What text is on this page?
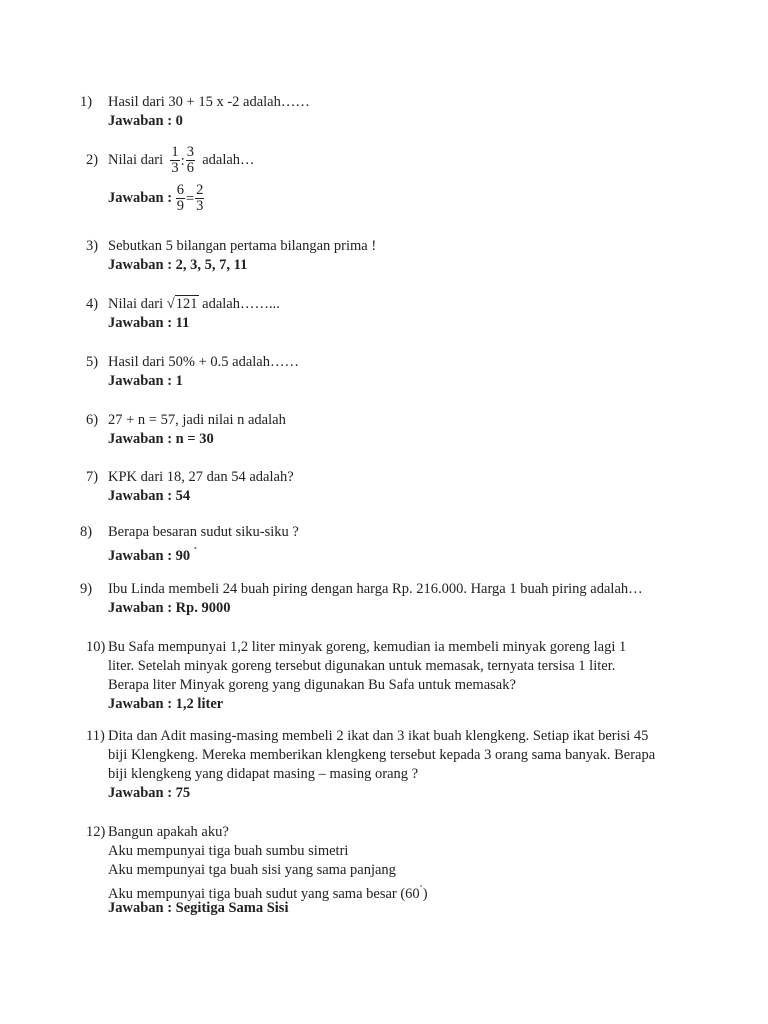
1) Hasil dari 30 + 15 x -2 adalah……
Jawaban : 0
2) Nilai dari $\frac{1}{3}$ : $\frac{3}{6}$ adalah…
Jawaban : $\frac{6}{9} = \frac{2}{3}$
3) Sebutkan 5 bilangan pertama bilangan prima !
Jawaban : 2, 3, 5, 7, 11
4) Nilai dari √121 adalah……...
Jawaban : 11
5) Hasil dari 50% + 0.5 adalah……
Jawaban : 1
6) 27 + n = 57, jadi nilai n adalah
Jawaban : n = 30
7) KPK dari 18, 27 dan 54 adalah?
Jawaban : 54
8) Berapa besaran sudut siku-siku ?
Jawaban : 90 ˚
9) Ibu Linda membeli 24 buah piring dengan harga Rp. 216.000. Harga 1 buah piring adalah…
Jawaban : Rp. 9000
10) Bu Safa mempunyai 1,2 liter minyak goreng, kemudian ia membeli minyak goreng lagi 1
liter. Setelah minyak goreng tersebut digunakan untuk memasak, ternyata tersisa 1 liter.
Berapa liter Minyak goreng yang digunakan Bu Safa untuk memasak?
Jawaban : 1,2 liter
11) Dita dan Adit masing-masing membeli 2 ikat dan 3 ikat buah klengkeng. Setiap ikat berisi 45
biji Klengkeng. Mereka memberikan klengkeng tersebut kepada 3 orang sama banyak. Berapa
biji klengkeng yang didapat masing – masing orang ?
Jawaban : 75
12) Bangun apakah aku?
Aku mempunyai tiga buah sumbu simetri
Aku mempunyai tga buah sisi yang sama panjang
Aku mempunyai tiga buah sudut yang sama besar (60˚)
Jawaban : Segitiga Sama Sisi
